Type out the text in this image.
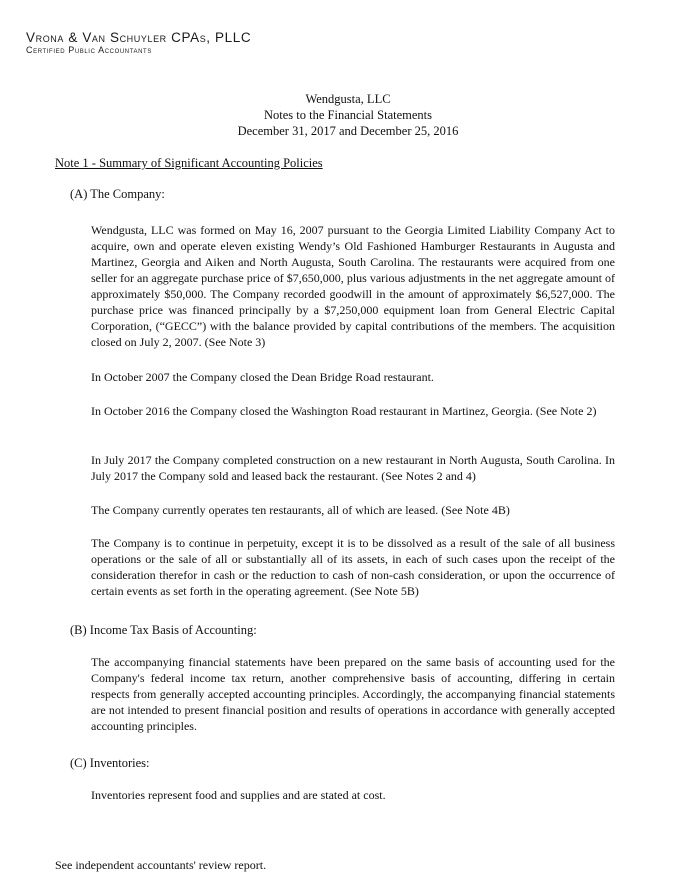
Vrona & Van Schuyler CPAs, PLLC
Certified Public Accountants
Wendgusta, LLC
Notes to the Financial Statements
December 31, 2017 and December 25, 2016
Note 1 - Summary of Significant Accounting Policies
(A) The Company:
Wendgusta, LLC was formed on May 16, 2007 pursuant to the Georgia Limited Liability Company Act to acquire, own and operate eleven existing Wendy’s Old Fashioned Hamburger Restaurants in Augusta and Martinez, Georgia and Aiken and North Augusta, South Carolina. The restaurants were acquired from one seller for an aggregate purchase price of $7,650,000, plus various adjustments in the net aggregate amount of approximately $50,000. The Company recorded goodwill in the amount of approximately $6,527,000. The purchase price was financed principally by a $7,250,000 equipment loan from General Electric Capital Corporation, (“GECC”) with the balance provided by capital contributions of the members. The acquisition closed on July 2, 2007. (See Note 3)
In October 2007 the Company closed the Dean Bridge Road restaurant.
In October 2016 the Company closed the Washington Road restaurant in Martinez, Georgia. (See Note 2)
In July 2017 the Company completed construction on a new restaurant in North Augusta, South Carolina. In July 2017 the Company sold and leased back the restaurant. (See Notes 2 and 4)
The Company currently operates ten restaurants, all of which are leased. (See Note 4B)
The Company is to continue in perpetuity, except it is to be dissolved as a result of the sale of all business operations or the sale of all or substantially all of its assets, in each of such cases upon the receipt of the consideration therefor in cash or the reduction to cash of non-cash consideration, or upon the occurrence of certain events as set forth in the operating agreement. (See Note 5B)
(B) Income Tax Basis of Accounting:
The accompanying financial statements have been prepared on the same basis of accounting used for the Company's federal income tax return, another comprehensive basis of accounting, differing in certain respects from generally accepted accounting principles. Accordingly, the accompanying financial statements are not intended to present financial position and results of operations in accordance with generally accepted accounting principles.
(C) Inventories:
Inventories represent food and supplies and are stated at cost.
See independent accountants' review report.
